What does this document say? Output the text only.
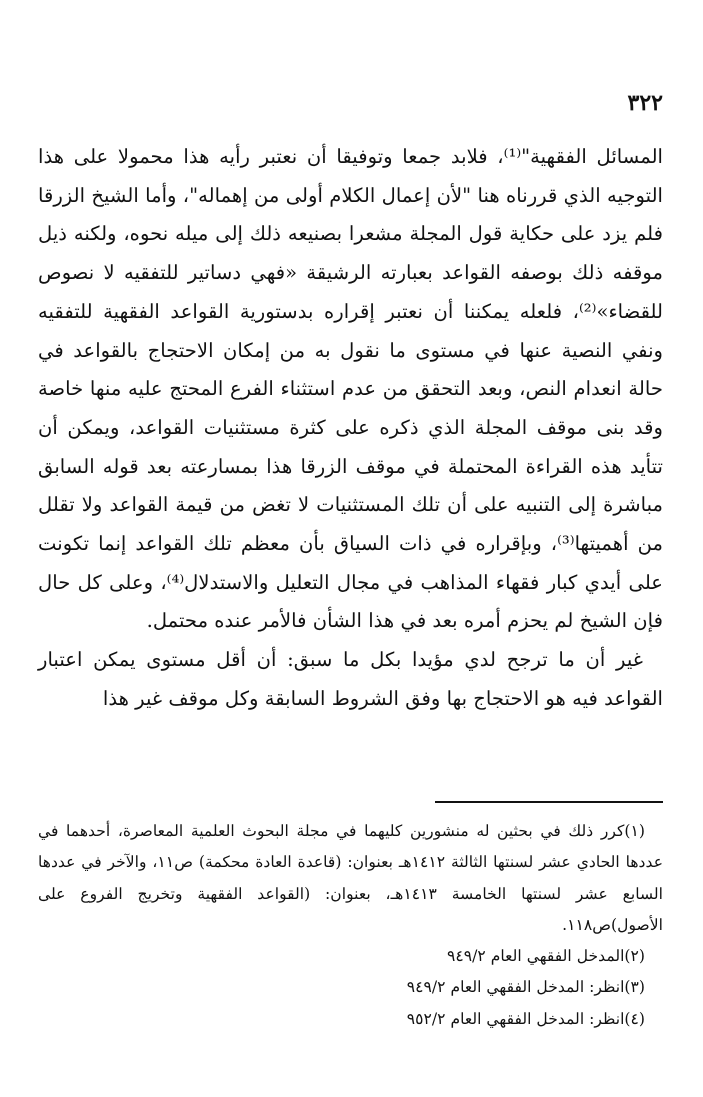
٣٢٢

المسائل الفقهية"⁽¹⁾، فلابد جمعا وتوفيقا أن نعتبر رأيه هذا محمولا على هذا التوجيه الذي قررناه هنا "لأن إعمال الكلام أولى من إهماله"، وأما الشيخ الزرقا فلم يزد على حكاية قول المجلة مشعرا بصنيعه ذلك إلى ميله نحوه، ولكنه ذيل موقفه ذلك بوصفه القواعد بعبارته الرشيقة «فهي دساتير للتفقيه لا نصوص للقضاء»⁽²⁾، فلعله يمكننا أن نعتبر إقراره بدستورية القواعد الفقهية للتفقيه ونفي النصية عنها في مستوى ما نقول به من إمكان الاحتجاج بالقواعد في حالة انعدام النص، وبعد التحقق من عدم استثناء الفرع المحتج عليه منها خاصة وقد بنى موقف المجلة الذي ذكره على كثرة مستثنيات القواعد، ويمكن أن تتأيد هذه القراءة المحتملة في موقف الزرقا هذا بمسارعته بعد قوله السابق مباشرة إلى التنبيه على أن تلك المستثنيات لا تغض من قيمة القواعد ولا تقلل من أهميتها⁽³⁾، وبإقراره في ذات السياق بأن معظم تلك القواعد إنما تكونت على أيدي كبار فقهاء المذاهب في مجال التعليل والاستدلال⁽⁴⁾، وعلى كل حال فإن الشيخ لم يحزم أمره بعد في هذا الشأن فالأمر عنده محتمل.

غير أن ما ترجح لدي مؤيدا بكل ما سبق: أن أقل مستوى يمكن اعتبار القواعد فيه هو الاحتجاج بها وفق الشروط السابقة وكل موقف غير هذا

(١)كرر ذلك في بحثين له منشورين كليهما في مجلة البحوث العلمية المعاصرة، أحدهما في عددها الحادي عشر لسنتها الثالثة ١٤١٢هـ بعنوان: (قاعدة العادة محكمة) ص١١، والآخر في عددها السابع عشر لسنتها الخامسة ١٤١٣هـ، بعنوان: (القواعد الفقهية وتخريج الفروع على الأصول)ص١١٨.
(٢)المدخل الفقهي العام ٩٤٩/٢
(٣)انظر: المدخل الفقهي العام ٩٤٩/٢
(٤)انظر: المدخل الفقهي العام ٩٥٢/٢
